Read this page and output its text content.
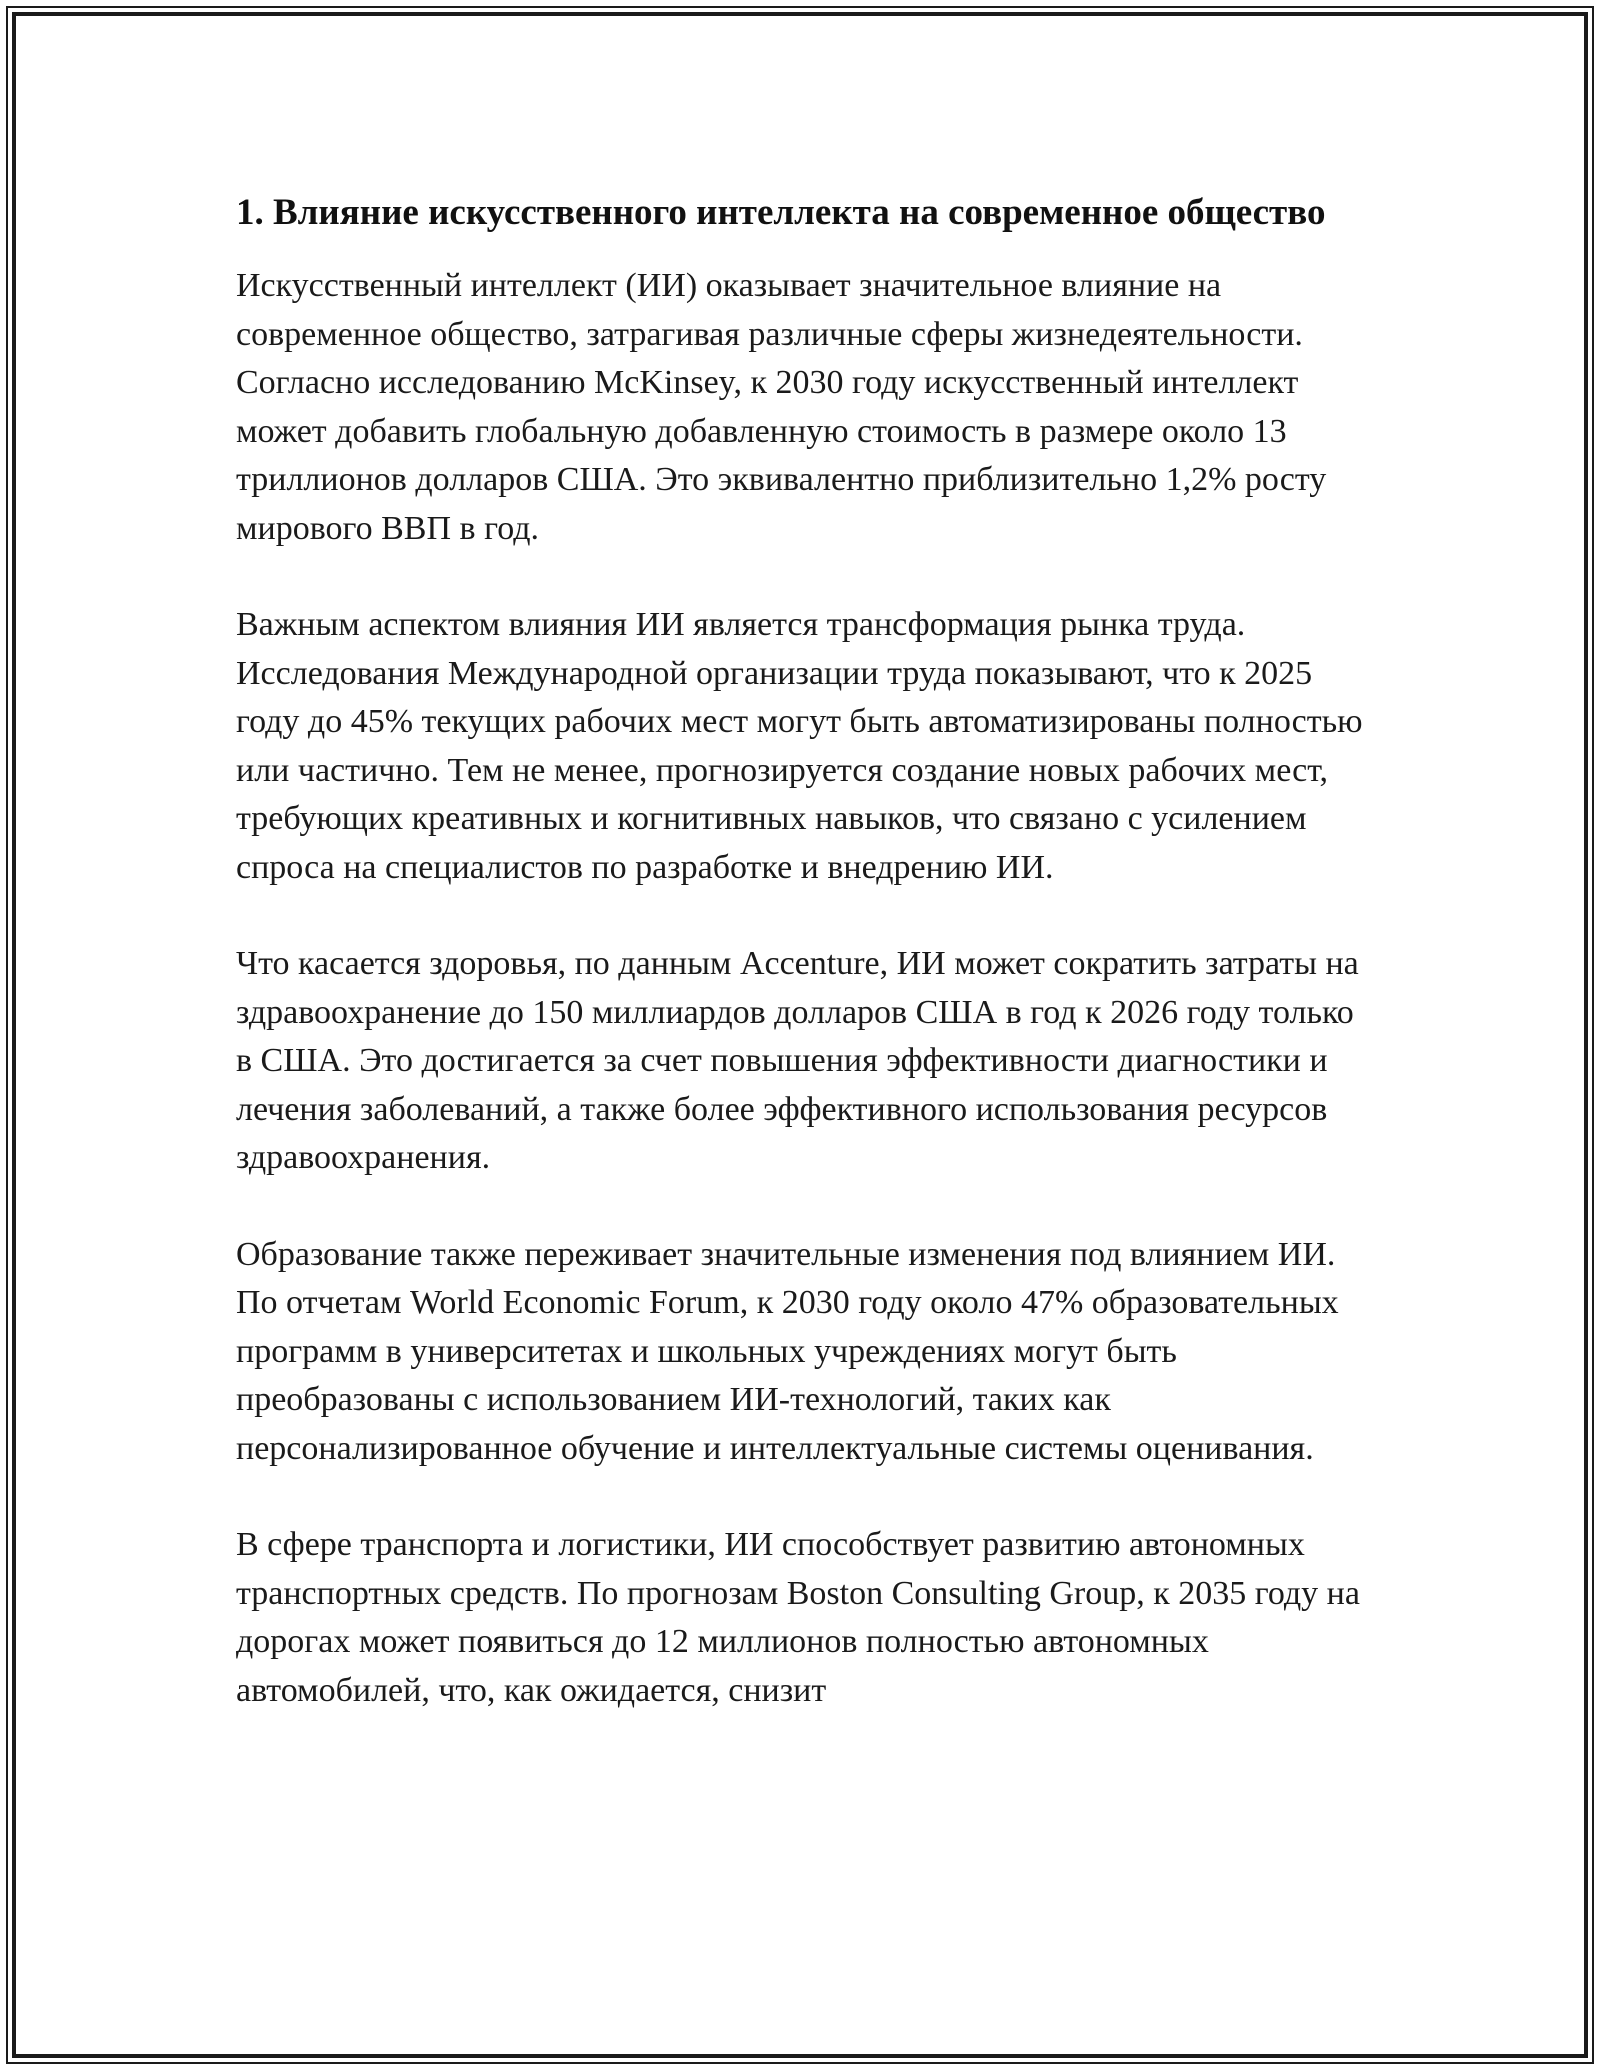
1. Влияние искусственного интеллекта на современное общество

Искусственный интеллект (ИИ) оказывает значительное влияние на современное общество, затрагивая различные сферы жизнедеятельности. Согласно исследованию McKinsey, к 2030 году искусственный интеллект может добавить глобальную добавленную стоимость в размере около 13 триллионов долларов США. Это эквивалентно приблизительно 1,2% росту мирового ВВП в год.

Важным аспектом влияния ИИ является трансформация рынка труда. Исследования Международной организации труда показывают, что к 2025 году до 45% текущих рабочих мест могут быть автоматизированы полностью или частично. Тем не менее, прогнозируется создание новых рабочих мест, требующих креативных и когнитивных навыков, что связано с усилением спроса на специалистов по разработке и внедрению ИИ.

Что касается здоровья, по данным Accenture, ИИ может сократить затраты на здравоохранение до 150 миллиардов долларов США в год к 2026 году только в США. Это достигается за счет повышения эффективности диагностики и лечения заболеваний, а также более эффективного использования ресурсов здравоохранения.

Образование также переживает значительные изменения под влиянием ИИ. По отчетам World Economic Forum, к 2030 году около 47% образовательных программ в университетах и школьных учреждениях могут быть преобразованы с использованием ИИ-технологий, таких как персонализированное обучение и интеллектуальные системы оценивания.

В сфере транспорта и логистики, ИИ способствует развитию автономных транспортных средств. По прогнозам Boston Consulting Group, к 2035 году на дорогах может появиться до 12 миллионов полностью автономных автомобилей, что, как ожидается, снизит
